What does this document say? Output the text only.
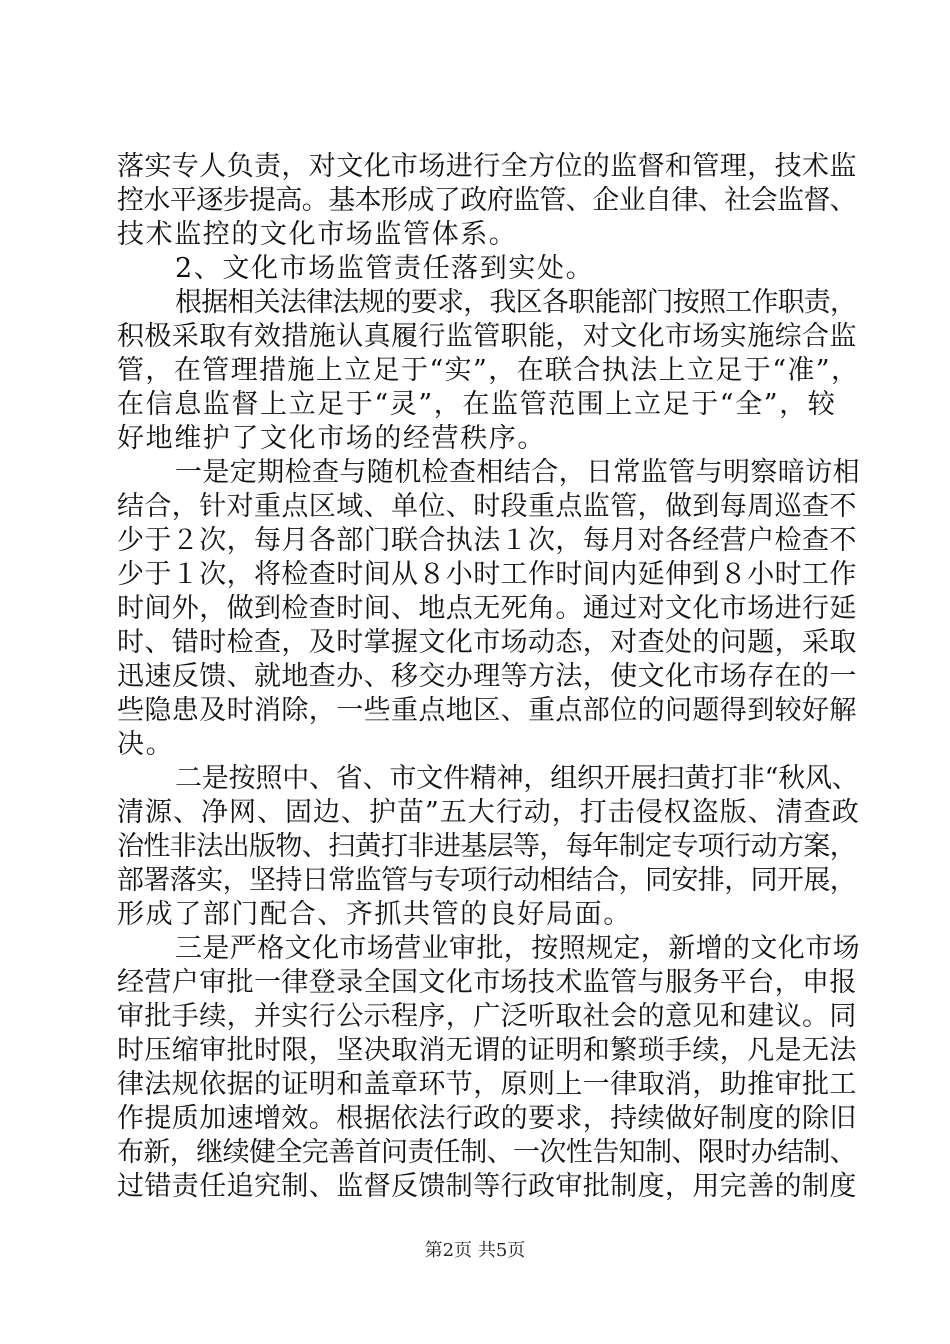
落实专人负责，对文化市场进行全方位的监督和管理，技术监
控水平逐步提高。基本形成了政府监管、企业自律、社会监督、
技术监控的文化市场监管体系。
2、文化市场监管责任落到实处。
根据相关法律法规的要求，我区各职能部门按照工作职责，
积极采取有效措施认真履行监管职能，对文化市场实施综合监
管，在管理措施上立足于“实”，在联合执法上立足于“准”，
在信息监督上立足于“灵”，在监管范围上立足于“全”，较
好地维护了文化市场的经营秩序。
一是定期检查与随机检查相结合，日常监管与明察暗访相
结合，针对重点区域、单位、时段重点监管，做到每周巡查不
少于２次，每月各部门联合执法１次，每月对各经营户检查不
少于１次，将检查时间从８小时工作时间内延伸到８小时工作
时间外，做到检查时间、地点无死角。通过对文化市场进行延
时、错时检查，及时掌握文化市场动态，对查处的问题，采取
迅速反馈、就地查办、移交办理等方法，使文化市场存在的一
些隐患及时消除，一些重点地区、重点部位的问题得到较好解
决。
二是按照中、省、市文件精神，组织开展扫黄打非“秋风、
清源、净网、固边、护苗”五大行动，打击侵权盗版、清查政
治性非法出版物、扫黄打非进基层等，每年制定专项行动方案，
部署落实，坚持日常监管与专项行动相结合，同安排，同开展，
形成了部门配合、齐抓共管的良好局面。
三是严格文化市场营业审批，按照规定，新增的文化市场
经营户审批一律登录全国文化市场技术监管与服务平台，申报
审批手续，并实行公示程序，广泛听取社会的意见和建议。同
时压缩审批时限，坚决取消无谓的证明和繁琐手续，凡是无法
律法规依据的证明和盖章环节，原则上一律取消，助推审批工
作提质加速增效。根据依法行政的要求，持续做好制度的除旧
布新，继续健全完善首问责任制、一次性告知制、限时办结制、
过错责任追究制、监督反馈制等行政审批制度，用完善的制度
第2页 共5页
